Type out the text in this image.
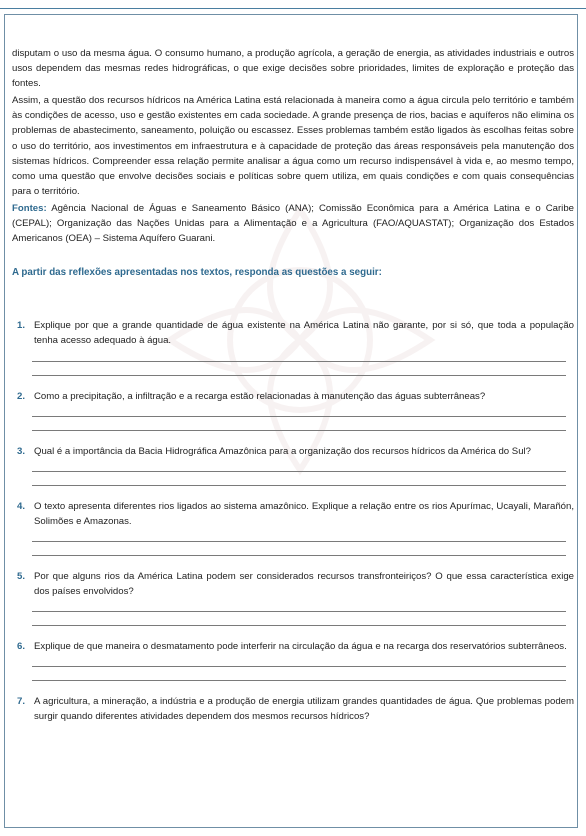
disputam o uso da mesma água. O consumo humano, a produção agrícola, a geração de energia, as atividades industriais e outros usos dependem das mesmas redes hidrográficas, o que exige decisões sobre prioridades, limites de exploração e proteção das fontes.

Assim, a questão dos recursos hídricos na América Latina está relacionada à maneira como a água circula pelo território e também às condições de acesso, uso e gestão existentes em cada sociedade. A grande presença de rios, bacias e aquíferos não elimina os problemas de abastecimento, saneamento, poluição ou escassez. Esses problemas também estão ligados às escolhas feitas sobre o uso do território, aos investimentos em infraestrutura e à capacidade de proteção das áreas responsáveis pela manutenção dos sistemas hídricos. Compreender essa relação permite analisar a água como um recurso indispensável à vida e, ao mesmo tempo, como uma questão que envolve decisões sociais e políticas sobre quem utiliza, em quais condições e com quais consequências para o território.

Fontes: Agência Nacional de Águas e Saneamento Básico (ANA); Comissão Econômica para a América Latina e o Caribe (CEPAL); Organização das Nações Unidas para a Alimentação e a Agricultura (FAO/AQUASTAT); Organização dos Estados Americanos (OEA) – Sistema Aquífero Guarani.

A partir das reflexões apresentadas nos textos, responda as questões a seguir:

1. Explique por que a grande quantidade de água existente na América Latina não garante, por si só, que toda a população tenha acesso adequado à água.

2. Como a precipitação, a infiltração e a recarga estão relacionadas à manutenção das águas subterrâneas?

3. Qual é a importância da Bacia Hidrográfica Amazônica para a organização dos recursos hídricos da América do Sul?

4. O texto apresenta diferentes rios ligados ao sistema amazônico. Explique a relação entre os rios Apurímac, Ucayali, Marañón, Solimões e Amazonas.

5. Por que alguns rios da América Latina podem ser considerados recursos transfronteiriços? O que essa característica exige dos países envolvidos?

6. Explique de que maneira o desmatamento pode interferir na circulação da água e na recarga dos reservatórios subterrâneos.

7. A agricultura, a mineração, a indústria e a produção de energia utilizam grandes quantidades de água. Que problemas podem surgir quando diferentes atividades dependem dos mesmos recursos hídricos?
